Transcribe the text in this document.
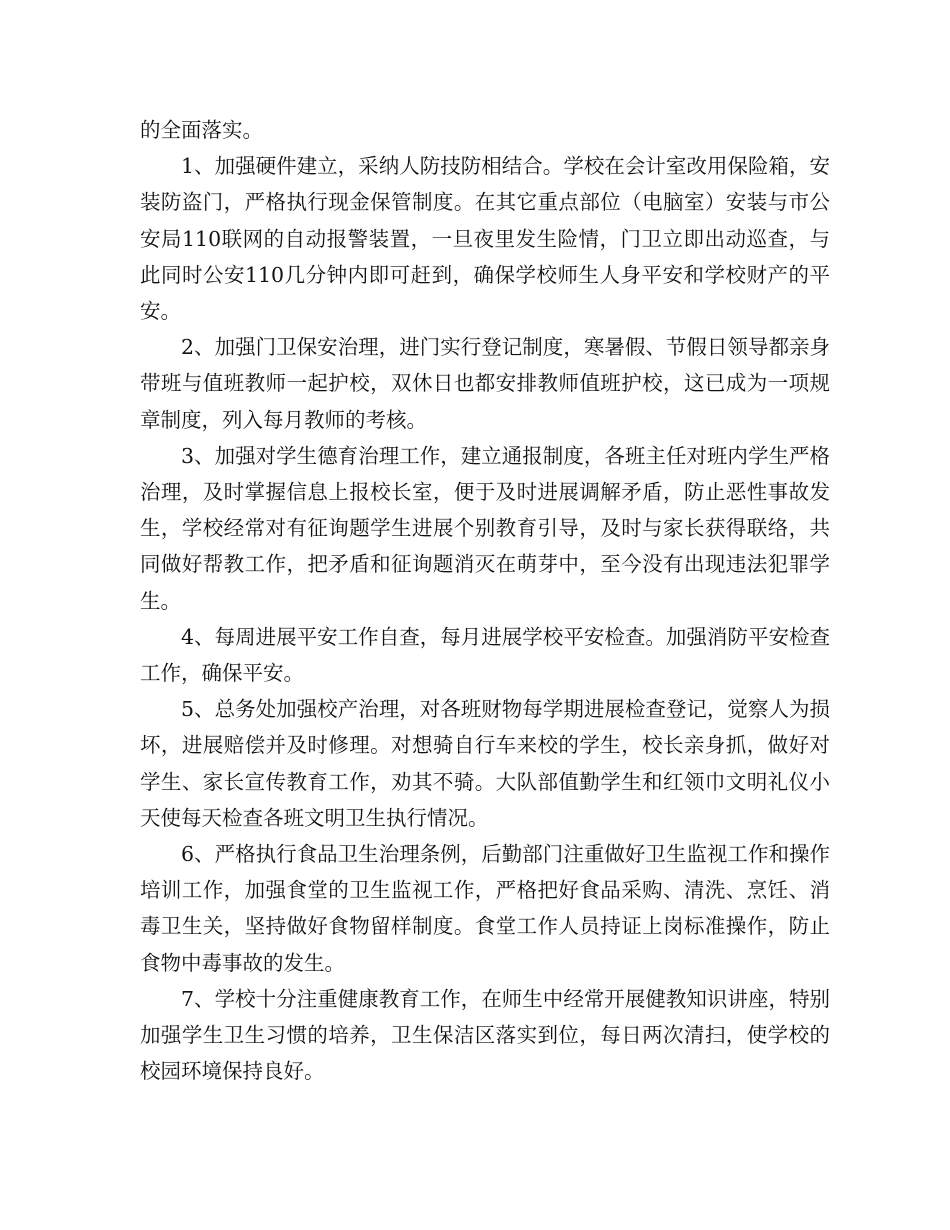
的全面落实。

1、加强硬件建立，采纳人防技防相结合。学校在会计室改用保险箱，安装防盗门，严格执行现金保管制度。在其它重点部位（电脑室）安装与市公安局110联网的自动报警装置，一旦夜里发生险情，门卫立即出动巡查，与此同时公安110几分钟内即可赶到，确保学校师生人身平安和学校财产的平安。

2、加强门卫保安治理，进门实行登记制度，寒暑假、节假日领导都亲身带班与值班教师一起护校，双休日也都安排教师值班护校，这已成为一项规章制度，列入每月教师的考核。

3、加强对学生德育治理工作，建立通报制度，各班主任对班内学生严格治理，及时掌握信息上报校长室，便于及时进展调解矛盾，防止恶性事故发生，学校经常对有征询题学生进展个别教育引导，及时与家长获得联络，共同做好帮教工作，把矛盾和征询题消灭在萌芽中，至今没有出现违法犯罪学生。

4、每周进展平安工作自查，每月进展学校平安检查。加强消防平安检查工作，确保平安。

5、总务处加强校产治理，对各班财物每学期进展检查登记，觉察人为损坏，进展赔偿并及时修理。对想骑自行车来校的学生，校长亲身抓，做好对学生、家长宣传教育工作，劝其不骑。大队部值勤学生和红领巾文明礼仪小天使每天检查各班文明卫生执行情况。

6、严格执行食品卫生治理条例，后勤部门注重做好卫生监视工作和操作培训工作，加强食堂的卫生监视工作，严格把好食品采购、清洗、烹饪、消毒卫生关，坚持做好食物留样制度。食堂工作人员持证上岗标准操作，防止食物中毒事故的发生。

7、学校十分注重健康教育工作，在师生中经常开展健教知识讲座，特别加强学生卫生习惯的培养，卫生保洁区落实到位，每日两次清扫，使学校的校园环境保持良好。
